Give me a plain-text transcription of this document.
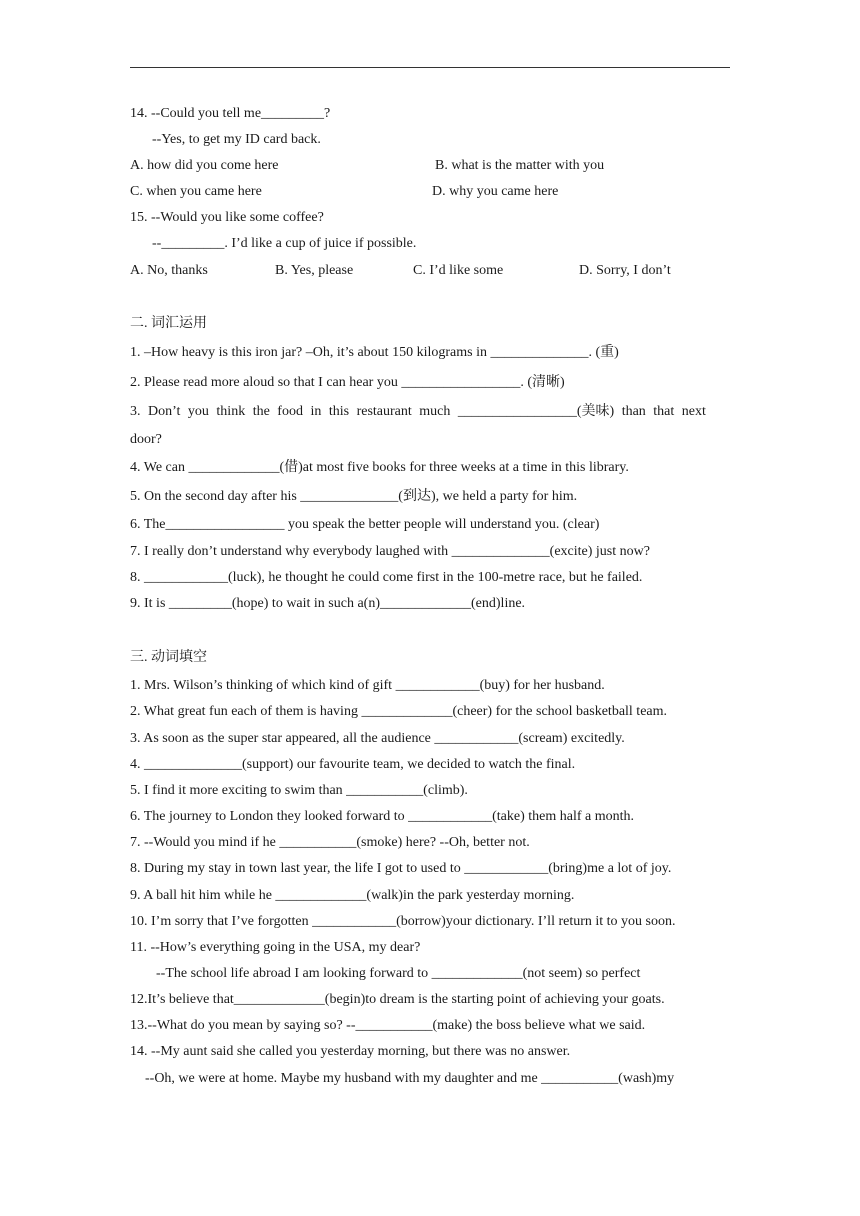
14. --Could you tell me_________?
--Yes, to get my ID card back.
A. how did you come here	B. what is the matter with you
C. when you came here	D. why you came here
15. --Would you like some coffee?
--_________. I’d like a cup of juice if possible.
A. No, thanks	B. Yes, please	C. I’d like some	D. Sorry, I don’t
二. 词汇运用
1. –How heavy is this iron jar? –Oh, it’s about 150 kilograms in ______________. (重)
2. Please read more aloud so that I can hear you _________________. (清晰)
3. Don’t you think the food in this restaurant much _________________(美味) than that next
door?
4. We can _____________(借)at most five books for three weeks at a time in this library.
5. On the second day after his ______________(到达), we held a party for him.
6. The_________________ you speak the better people will understand you. (clear)
7. I really don’t understand why everybody laughed with ______________(excite) just now?
8. ____________(luck), he thought he could come first in the 100-metre race, but he failed.
9. It is _________(hope) to wait in such a(n)_____________(end)line.
三. 动词填空
1. Mrs. Wilson’s thinking of which kind of gift ____________(buy) for her husband.
2. What great fun each of them is having _____________(cheer) for the school basketball team.
3. As soon as the super star appeared, all the audience ____________(scream) excitedly.
4. ______________(support) our favourite team, we decided to watch the final.
5. I find it more exciting to swim than ___________(climb).
6. The journey to London they looked forward to ____________(take) them half a month.
7. --Would you mind if he ___________(smoke) here? --Oh, better not.
8. During my stay in town last year, the life I got to used to ____________(bring)me a lot of joy.
9. A ball hit him while he _____________(walk)in the park yesterday morning.
10. I’m sorry that I’ve forgotten ____________(borrow)your dictionary. I’ll return it to you soon.
11. --How’s everything going in the USA, my dear?
--The school life abroad I am looking forward to _____________(not seem) so perfect
12.It’s believe that_____________(begin)to dream is the starting point of achieving your goats.
13.--What do you mean by saying so? --___________(make) the boss believe what we said.
14. --My aunt said she called you yesterday morning, but there was no answer.
--Oh, we were at home. Maybe my husband with my daughter and me ___________(wash)my
